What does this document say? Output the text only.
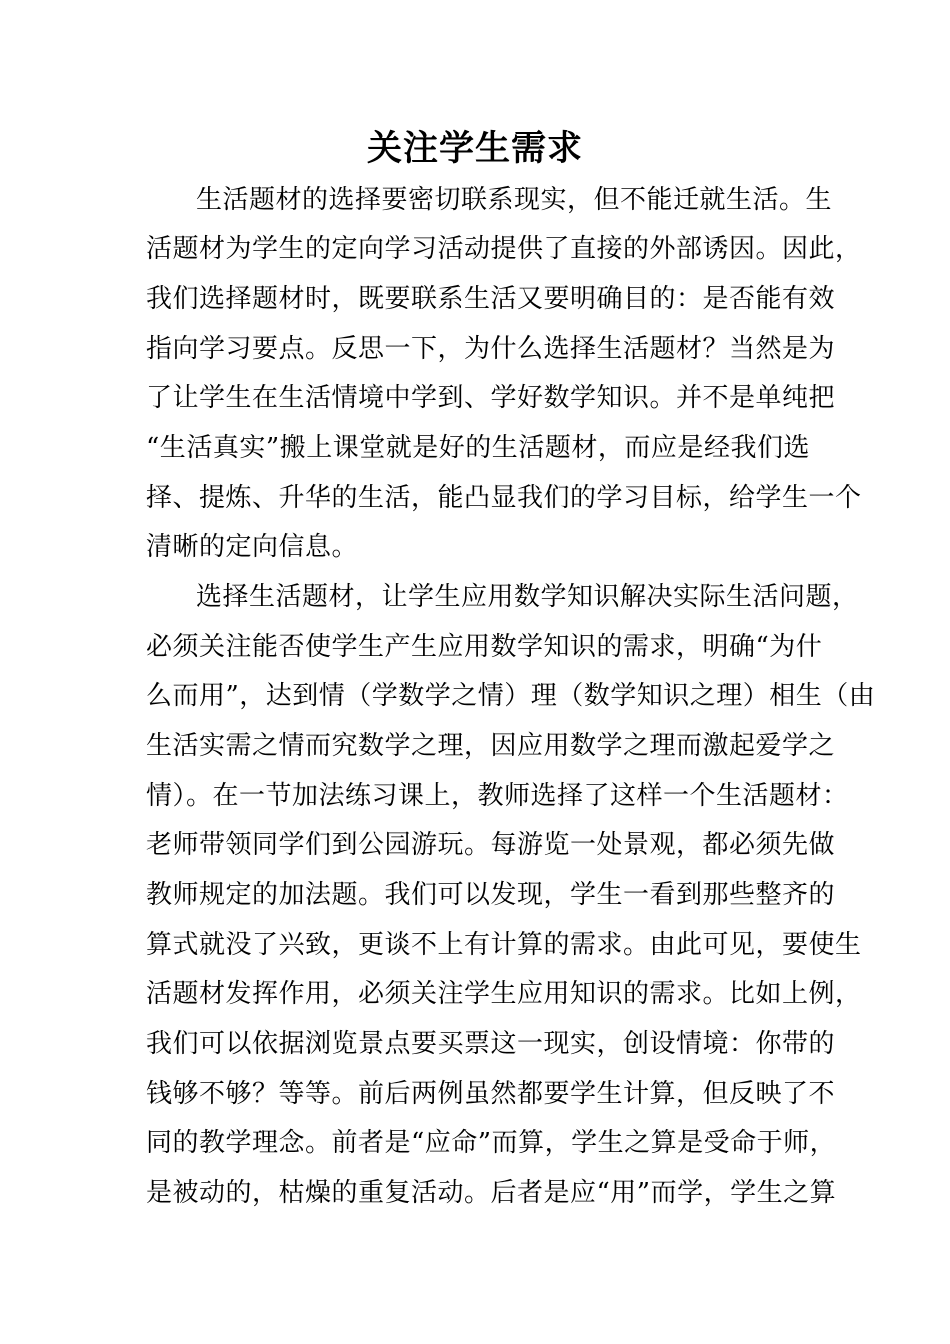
关注学生需求
生活题材的选择要密切联系现实，但不能迁就生活。生
活题材为学生的定向学习活动提供了直接的外部诱因。因此，
我们选择题材时，既要联系生活又要明确目的：是否能有效
指向学习要点。反思一下，为什么选择生活题材？当然是为
了让学生在生活情境中学到、学好数学知识。并不是单纯把
“生活真实”搬上课堂就是好的生活题材，而应是经我们选
择、提炼、升华的生活，能凸显我们的学习目标，给学生一个
清晰的定向信息。
选择生活题材，让学生应用数学知识解决实际生活问题，
必须关注能否使学生产生应用数学知识的需求，明确“为什
么而用”，达到情（学数学之情）理（数学知识之理）相生（由
生活实需之情而究数学之理，因应用数学之理而激起爱学之
情）。在一节加法练习课上，教师选择了这样一个生活题材：
老师带领同学们到公园游玩。每游览一处景观，都必须先做
教师规定的加法题。我们可以发现，学生一看到那些整齐的
算式就没了兴致，更谈不上有计算的需求。由此可见，要使生
活题材发挥作用，必须关注学生应用知识的需求。比如上例，
我们可以依据浏览景点要买票这一现实，创设情境：你带的
钱够不够？等等。前后两例虽然都要学生计算，但反映了不
同的教学理念。前者是“应命”而算，学生之算是受命于师，
是被动的，枯燥的重复活动。后者是应“用”而学，学生之算
